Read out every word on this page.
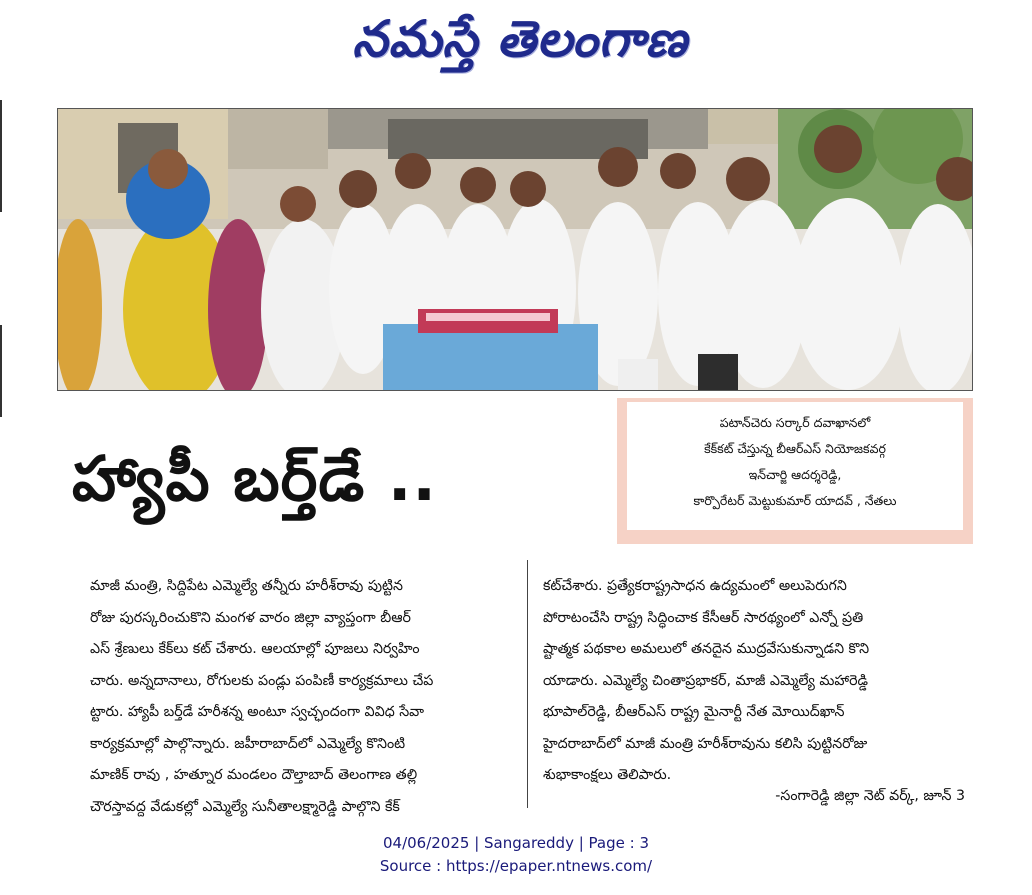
నమస్తే తెలంగాణ
పటాన్‌చెరు సర్కార్ దవాఖానలో
కేక్‌కట్ చేస్తున్న బీఆర్‌ఎస్ నియోజకవర్గ
ఇన్‌చార్జి ఆదర్శరెడ్డి,
కార్పొరేటర్ మెట్టుకుమార్ యాదవ్ , నేతలు
హ్యాపీ బర్త్‌డే ..
మాజీ మంత్రి, సిద్దిపేట ఎమ్మెల్యే తన్నీరు హరీశ్‌రావు పుట్టిన
రోజు పురస్కరించుకొని మంగళ వారం జిల్లా వ్యాప్తంగా బీఆర్
ఎస్ శ్రేణులు కేక్‌లు కట్ చేశారు. ఆలయాల్లో పూజలు నిర్వహిం
చారు. అన్నదానాలు, రోగులకు పండ్లు పంపిణీ కార్యక్రమాలు చేప
ట్టారు. హ్యాపీ బర్త్‌డే హరీశన్న అంటూ స్వచ్ఛందంగా వివిధ సేవా
కార్యక్రమాల్లో పాల్గొన్నారు. జహీరాబాద్‌లో ఎమ్మెల్యే కొనింటి
మాణిక్ రావు , హత్నూర మండలం దౌల్తాబాద్ తెలంగాణ తల్లి
చౌరస్తావద్ద వేడుకల్లో ఎమ్మెల్యే సునీతాలక్ష్మారెడ్డి పాల్గొని కేక్
కట్‌చేశారు. ప్రత్యేకరాష్ట్రసాధన ఉద్యమంలో అలుపెరుగని
పోరాటంచేసి రాష్ట్ర సిద్ధించాక కేసీఆర్ సారథ్యంలో ఎన్నో ప్రతి
ష్టాత్మక పథకాల అమలులో తనదైన ముద్రవేసుకున్నాడని కొని
యాడారు. ఎమ్మెల్యే చింతాప్రభాకర్, మాజీ ఎమ్మెల్యే మహారెడ్డి
భూపాల్‌రెడ్డి, బీఆర్‌ఎస్ రాష్ట్ర మైనార్టీ నేత మోయిద్‌ఖాన్
హైదరాబాద్‌లో మాజీ మంత్రి హరీశ్‌రావును కలిసి పుట్టినరోజు
శుభాకాంక్షలు తెలిపారు.
-సంగారెడ్డి జిల్లా నెట్ వర్క్, జూన్ 3
04/06/2025 | Sangareddy | Page : 3
Source : https://epaper.ntnews.com/
